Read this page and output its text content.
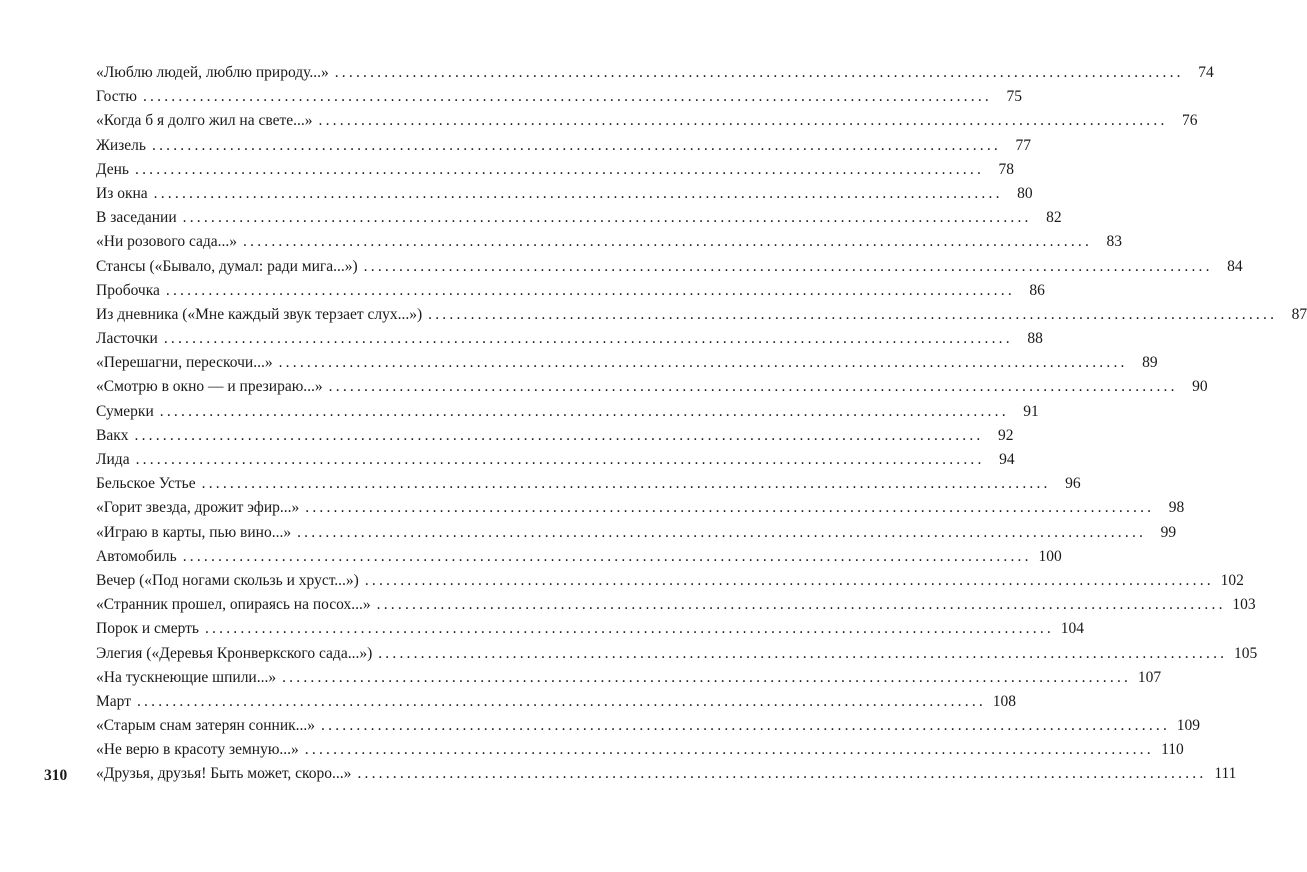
«Люблю людей, люблю природу...» ........................................................................................................................ 74
Гостю ........................................................................................................................ 75
«Когда б я долго жил на свете...» ........................................................................................................................ 76
Жизель ........................................................................................................................ 77
День ........................................................................................................................ 78
Из окна ........................................................................................................................ 80
В заседании ........................................................................................................................ 82
«Ни розового сада...» ........................................................................................................................ 83
Стансы («Бывало, думал: ради мига...») ........................................................................................................................ 84
Пробочка ........................................................................................................................ 86
Из дневника («Мне каждый звук терзает слух...») ........................................................................................................................ 87
Ласточки ........................................................................................................................ 88
«Перешагни, перескочи...» ........................................................................................................................ 89
«Смотрю в окно — и презираю...» ........................................................................................................................ 90
Сумерки ........................................................................................................................ 91
Вакх ........................................................................................................................ 92
Лида ........................................................................................................................ 94
Бельское Устье ........................................................................................................................ 96
«Горит звезда, дрожит эфир...» ........................................................................................................................ 98
«Играю в карты, пью вино...» ........................................................................................................................ 99
Автомобиль ........................................................................................................................ 100
Вечер («Под ногами скользь и хруст...») ........................................................................................................................ 102
«Странник прошел, опираясь на посох...» ........................................................................................................................ 103
Порок и смерть ........................................................................................................................ 104
Элегия («Деревья Кронверкского сада...») ........................................................................................................................ 105
«На тускнеющие шпили...» ........................................................................................................................ 107
Март ........................................................................................................................ 108
«Старым снам затерян сонник...» ........................................................................................................................ 109
«Не верю в красоту земную...» ........................................................................................................................ 110
«Друзья, друзья! Быть может, скоро...» ........................................................................................................................ 111
310
